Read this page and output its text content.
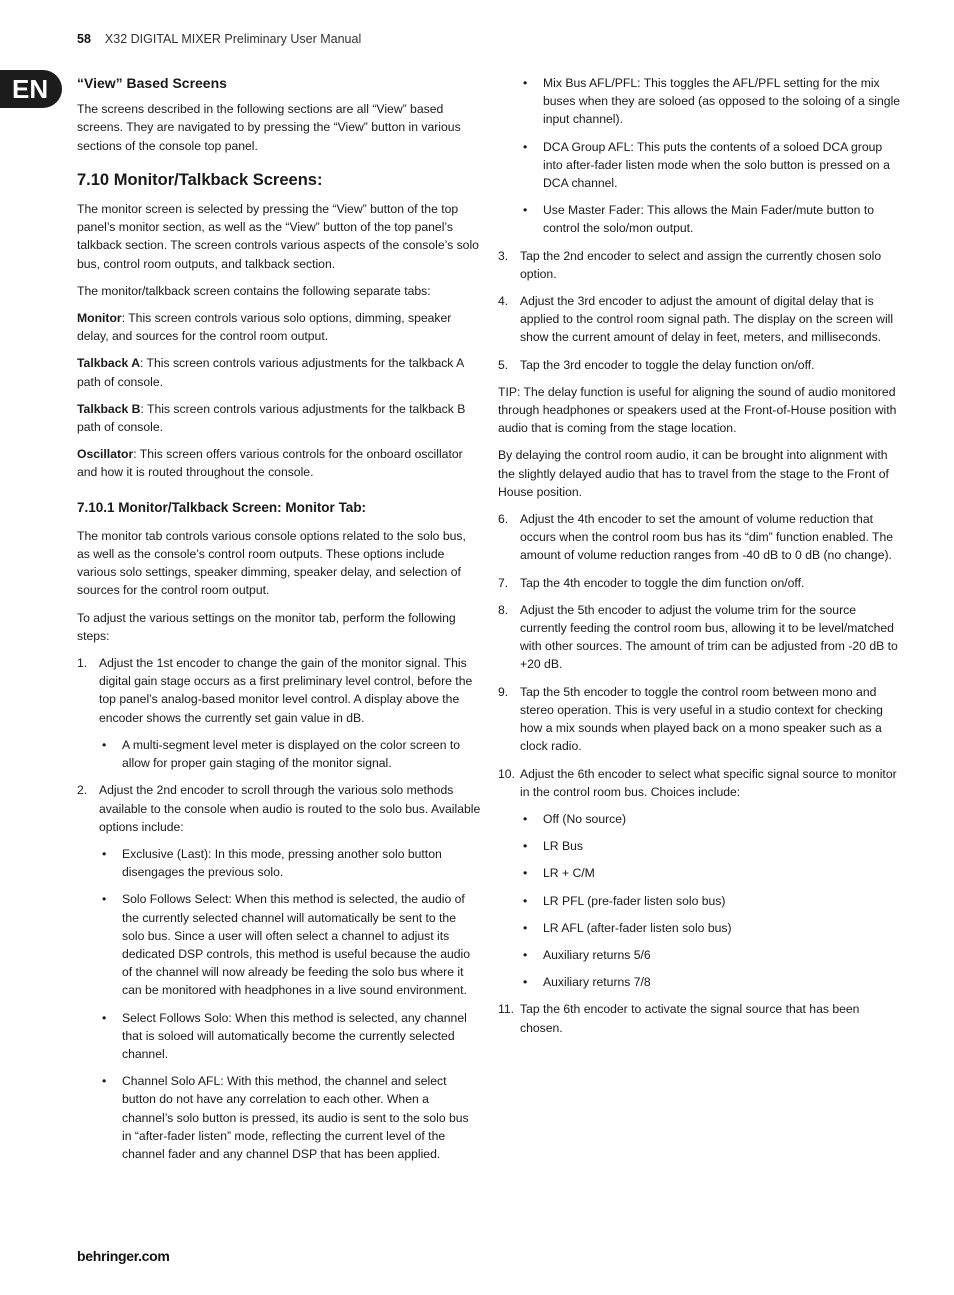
58 X32 DIGITAL MIXER Preliminary User Manual
EN	“View” Based Screens

The screens described in the following sections are all “View” based screens. They are navigated to by pressing the “View” button in various sections of the console top panel.

7.10 Monitor/Talkback Screens:

The monitor screen is selected by pressing the “View” button of the top panel’s monitor section, as well as the “View” button of the top panel’s talkback section. The screen controls various aspects of the console’s solo bus, control room outputs, and talkback section.

The monitor/talkback screen contains the following separate tabs:

Monitor: This screen controls various solo options, dimming, speaker delay, and sources for the control room output.

Talkback A: This screen controls various adjustments for the talkback A path of console.

Talkback B: This screen controls various adjustments for the talkback B path of console.

Oscillator: This screen offers various controls for the onboard oscillator and how it is routed throughout the console.

7.10.1 Monitor/Talkback Screen: Monitor Tab:

The monitor tab controls various console options related to the solo bus, as well as the console’s control room outputs. These options include various solo settings, speaker dimming, speaker delay, and selection of sources for the control room output.

To adjust the various settings on the monitor tab, perform the following steps:

1. Adjust the 1st encoder to change the gain of the monitor signal. This digital gain stage occurs as a first preliminary level control, before the top panel’s analog-based monitor level control. A display above the encoder shows the currently set gain value in dB.
• A multi-segment level meter is displayed on the color screen to allow for proper gain staging of the monitor signal.
2. Adjust the 2nd encoder to scroll through the various solo methods available to the console when audio is routed to the solo bus. Available options include:
• Exclusive (Last): In this mode, pressing another solo button disengages the previous solo.
• Solo Follows Select: When this method is selected, the audio of the currently selected channel will automatically be sent to the solo bus. Since a user will often select a channel to adjust its dedicated DSP controls, this method is useful because the audio of the channel will now already be feeding the solo bus where it can be monitored with headphones in a live sound environment.
• Select Follows Solo: When this method is selected, any channel that is soloed will automatically become the currently selected channel.
• Channel Solo AFL: With this method, the channel and select button do not have any correlation to each other. When a channel’s solo button is pressed, its audio is sent to the solo bus in “after-fader listen” mode, reflecting the current level of the channel fader and any channel DSP that has been applied.
• Mix Bus AFL/PFL: This toggles the AFL/PFL setting for the mix buses when they are soloed (as opposed to the soloing of a single input channel).
• DCA Group AFL: This puts the contents of a soloed DCA group into after-fader listen mode when the solo button is pressed on a DCA channel.
• Use Master Fader: This allows the Main Fader/mute button to control the solo/mon output.
3. Tap the 2nd encoder to select and assign the currently chosen solo option.
4. Adjust the 3rd encoder to adjust the amount of digital delay that is applied to the control room signal path. The display on the screen will show the current amount of delay in feet, meters, and milliseconds.
5. Tap the 3rd encoder to toggle the delay function on/off.

TIP: The delay function is useful for aligning the sound of audio monitored through headphones or speakers used at the Front-of-House position with audio that is coming from the stage location.

By delaying the control room audio, it can be brought into alignment with the slightly delayed audio that has to travel from the stage to the Front of House position.

6. Adjust the 4th encoder to set the amount of volume reduction that occurs when the control room bus has its “dim” function enabled. The amount of volume reduction ranges from -40 dB to 0 dB (no change).
7. Tap the 4th encoder to toggle the dim function on/off.
8. Adjust the 5th encoder to adjust the volume trim for the source currently feeding the control room bus, allowing it to be level/matched with other sources. The amount of trim can be adjusted from -20 dB to +20 dB.
9. Tap the 5th encoder to toggle the control room between mono and stereo operation. This is very useful in a studio context for checking how a mix sounds when played back on a mono speaker such as a clock radio.
10. Adjust the 6th encoder to select what specific signal source to monitor in the control room bus. Choices include:
• Off (No source)
• LR Bus
• LR + C/M
• LR PFL (pre-fader listen solo bus)
• LR AFL (after-fader listen solo bus)
• Auxiliary returns 5/6
• Auxiliary returns 7/8
11. Tap the 6th encoder to activate the signal source that has been chosen.
behringer.com
